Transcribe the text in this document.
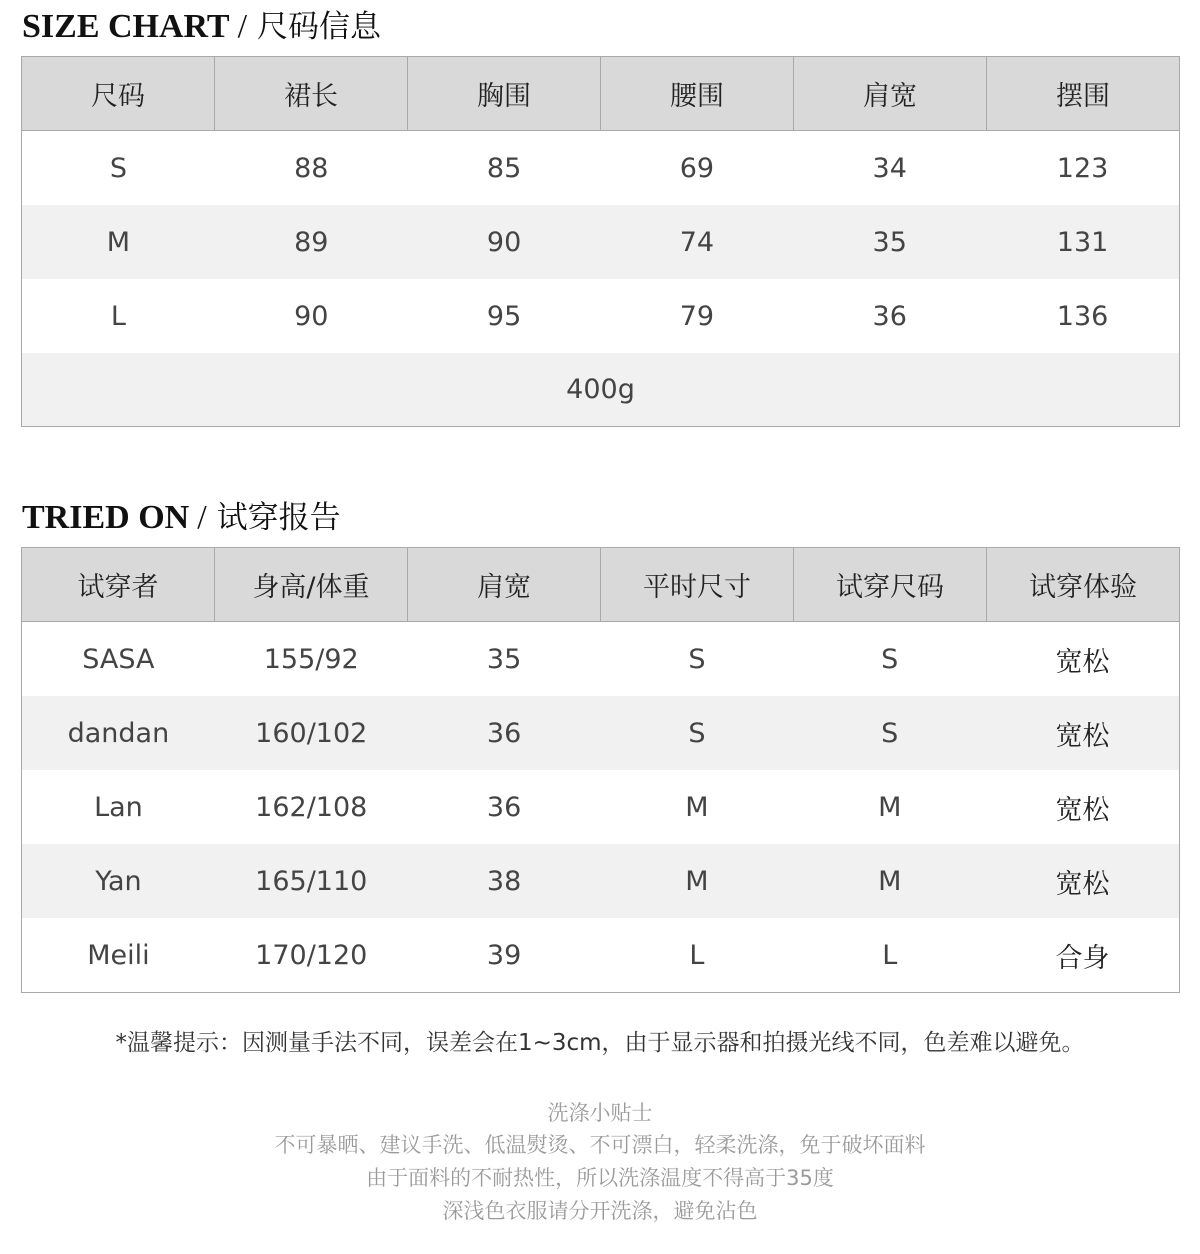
SIZE CHART / 尺码信息
尺码	裙长	胸围	腰围	肩宽	摆围
S	88	85	69	34	123
M	89	90	74	35	131
L	90	95	79	36	136
400g
TRIED ON / 试穿报告
试穿者	身高/体重	肩宽	平时尺寸	试穿尺码	试穿体验
SASA	155/92	35	S	S	宽松
dandan	160/102	36	S	S	宽松
Lan	162/108	36	M	M	宽松
Yan	165/110	38	M	M	宽松
Meili	170/120	39	L	L	合身
*温馨提示：因测量手法不同，误差会在1~3cm，由于显示器和拍摄光线不同，色差难以避免。
洗涤小贴士
不可暴晒、建议手洗、低温熨烫、不可漂白，轻柔洗涤，免于破坏面料
由于面料的不耐热性，所以洗涤温度不得高于35度
深浅色衣服请分开洗涤，避免沾色
